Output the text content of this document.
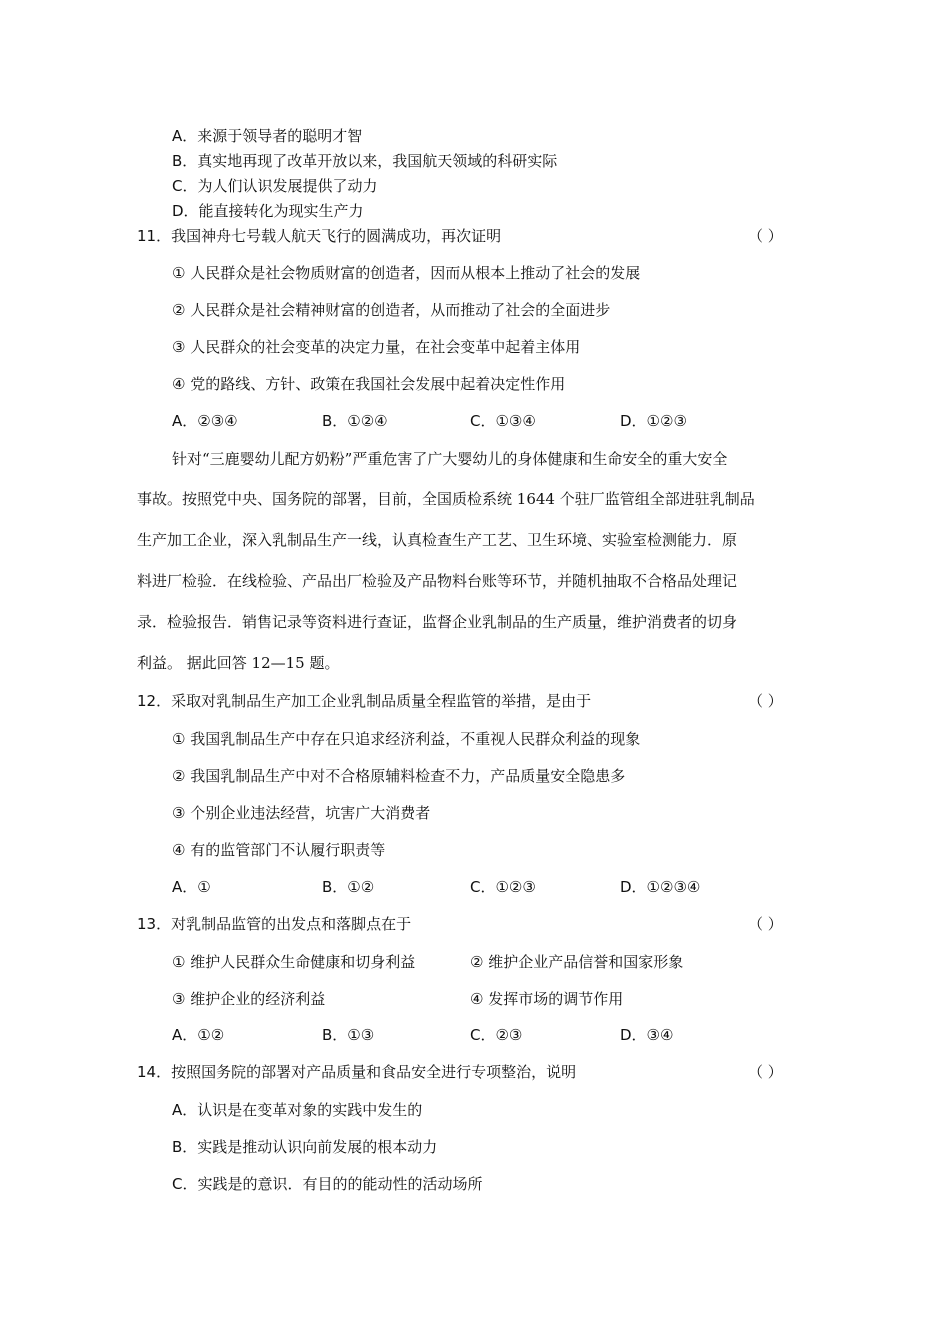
A．来源于领导者的聪明才智
B．真实地再现了改革开放以来，我国航天领域的科研实际
C．为人们认识发展提供了动力
D．能直接转化为现实生产力
11．我国神舟七号载人航天飞行的圆满成功，再次证明	（ ）
① 人民群众是社会物质财富的创造者，因而从根本上推动了社会的发展
② 人民群众是社会精神财富的创造者，从而推动了社会的全面进步
③ 人民群众的社会变革的决定力量，在社会变革中起着主体用
④ 党的路线、方针、政策在我国社会发展中起着决定性作用
A．②③④	B．①②④	C．①③④	D．①②③
针对“三鹿婴幼儿配方奶粉”严重危害了广大婴幼儿的身体健康和生命安全的重大安全
事故。按照党中央、国务院的部署，目前，全国质检系统 1644 个驻厂监管组全部进驻乳制品
生产加工企业，深入乳制品生产一线，认真检查生产工艺、卫生环境、实验室检测能力．原
料进厂检验．在线检验、产品出厂检验及产品物料台账等环节，并随机抽取不合格品处理记
录．检验报告．销售记录等资料进行查证，监督企业乳制品的生产质量，维护消费者的切身
利益。 据此回答 12—15 题。
12．采取对乳制品生产加工企业乳制品质量全程监管的举措，是由于	（ ）
① 我国乳制品生产中存在只追求经济利益，不重视人民群众利益的现象
② 我国乳制品生产中对不合格原辅料检查不力，产品质量安全隐患多
③ 个别企业违法经营，坑害广大消费者
④ 有的监管部门不认履行职责等
A．①	B．①②	C．①②③	D．①②③④
13．对乳制品监管的出发点和落脚点在于	（ ）
① 维护人民群众生命健康和切身利益	② 维护企业产品信誉和国家形象
③ 维护企业的经济利益	④ 发挥市场的调节作用
A．①②	B．①③	C．②③	D．③④
14．按照国务院的部署对产品质量和食品安全进行专项整治，说明	（ ）
A．认识是在变革对象的实践中发生的
B．实践是推动认识向前发展的根本动力
C．实践是的意识．有目的的能动性的活动场所
